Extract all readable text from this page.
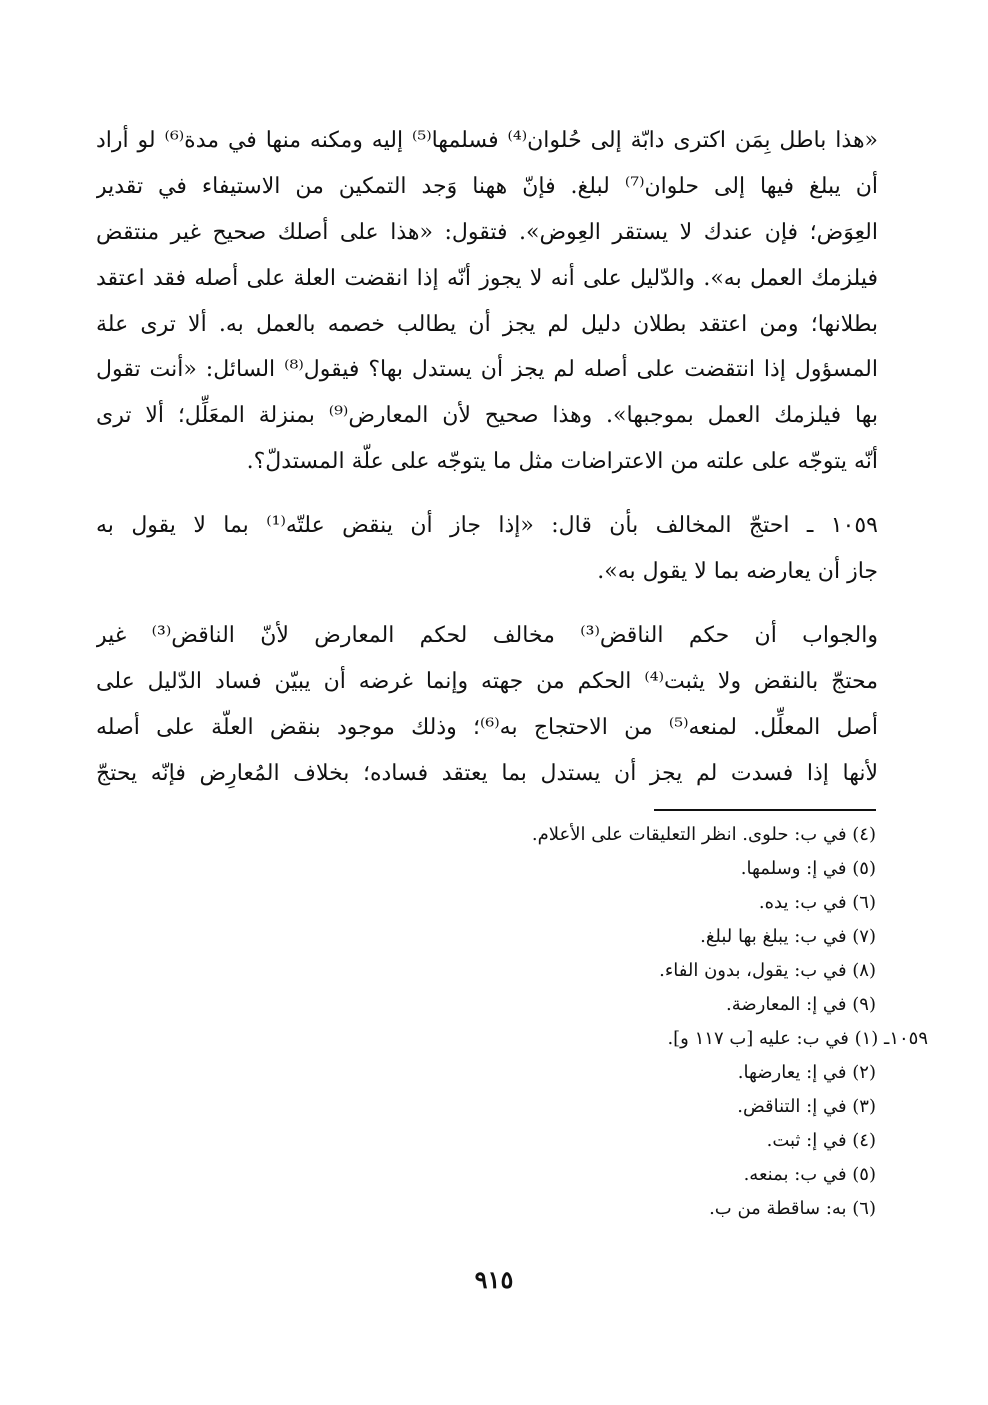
«هذا باطل بِمَن اكترى دابّة إلى حُلوان⁽⁴⁾ فسلمها⁽⁵⁾ إليه ومكنه منها في مدة⁽⁶⁾ لو أراد
أن يبلغ فيها إلى حلوان⁽⁷⁾ لبلغ. فإنّ ههنا وَجد التمكين من الاستيفاء في تقدير
العِوَض؛ فإن عندك لا يستقر العِوض». فتقول: «هذا على أصلك صحيح غير منتقض
فيلزمك العمل به». والدّليل على أنه لا يجوز أنّه إذا انقضت العلة على أصله فقد اعتقد
بطلانها؛ ومن اعتقد بطلان دليل لم يجز أن يطالب خصمه بالعمل به. ألا ترى علة
المسؤول إذا انتقضت على أصله لم يجز أن يستدل بها؟ فيقول⁽⁸⁾ السائل: «أنت تقول
بها فيلزمك العمل بموجبها». وهذا صحيح لأن المعارض⁽⁹⁾ بمنزلة المعَلِّل؛ ألا ترى
أنّه يتوجّه على علته من الاعتراضات مثل ما يتوجّه على علّة المستدلّ؟.
١٠٥٩ ـ احتجّ المخالف بأن قال: «إذا جاز أن ينقض علتّه⁽¹⁾ بما لا يقول به
جاز أن يعارضه بما لا يقول به».
والجواب أن حكم الناقض⁽³⁾ مخالف لحكم المعارض لأنّ الناقض⁽³⁾ غير
محتجّ بالنقض ولا يثبت⁽⁴⁾ الحكم من جهته وإنما غرضه أن يبيّن فساد الدّليل على
أصل المعلِّل. لمنعه⁽⁵⁾ من الاحتجاج به⁽⁶⁾؛ وذلك موجود بنقض العلّة على أصله
لأنها إذا فسدت لم يجز أن يستدل بما يعتقد فساده؛ بخلاف المُعارِض فإنّه يحتجّ
(٤) في ب: حلوى. انظر التعليقات على الأعلام.
(٥) في إ: وسلمها.
(٦) في ب: يده.
(٧) في ب: يبلغ بها لبلغ.
(٨) في ب: يقول، بدون الفاء.
(٩) في إ: المعارضة.
١٠٥٩ـ (١) في ب: عليه [ب ١١٧ و].
(٢) في إ: يعارضها.
(٣) في إ: التناقض.
(٤) في إ: ثبت.
(٥) في ب: بمنعه.
(٦) به: ساقطة من ب.
٩١٥
